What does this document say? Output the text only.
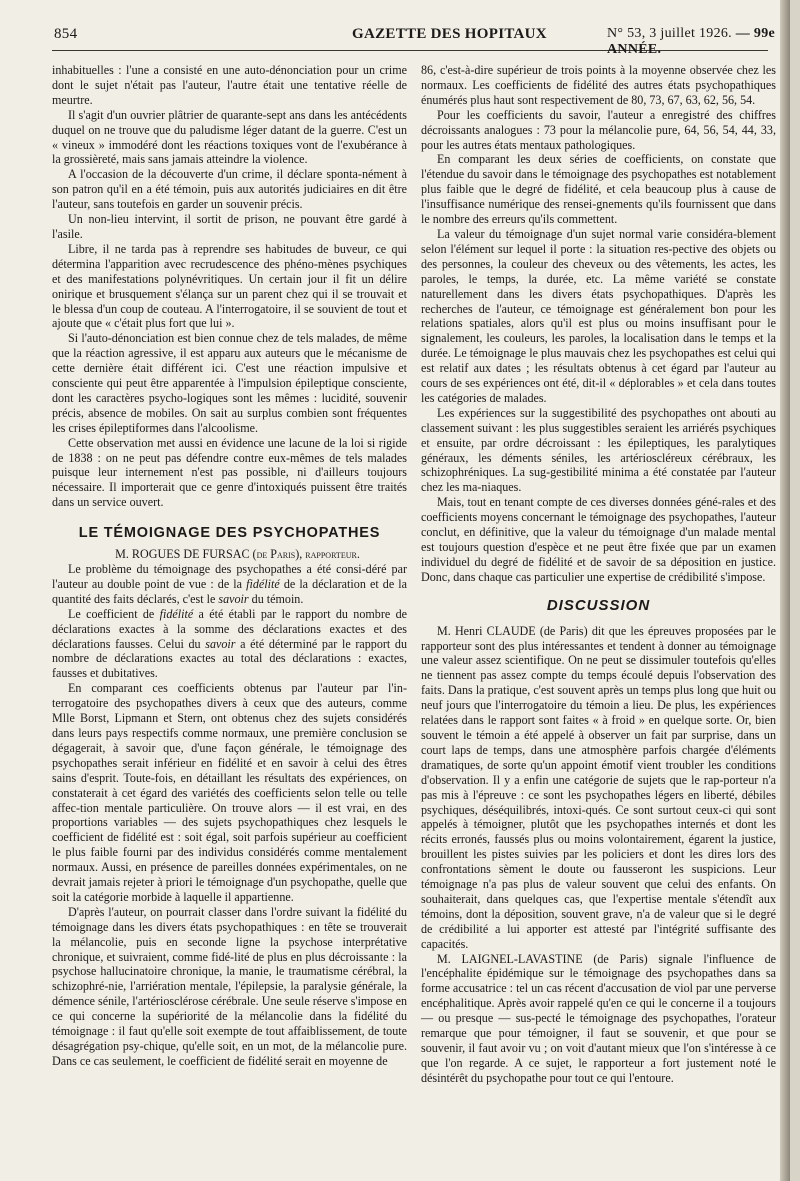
854	GAZETTE DES HOPITAUX	N° 53, 3 juillet 1926. — 99e ANNÉE.

inhabituelles : l'une a consisté en une auto-dénonciation pour un crime dont le sujet n'était pas l'auteur, l'autre était une tentative réelle de meurtre.

Il s'agit d'un ouvrier plâtrier de quarante-sept ans dans les antécédents duquel on ne trouve que du paludisme léger datant de la guerre. C'est un « vineux » immodéré dont les réactions toxiques vont de l'exubérance à la grossièreté, mais sans jamais atteindre la violence.

A l'occasion de la découverte d'un crime, il déclare sponta-nément à son patron qu'il en a été témoin, puis aux autorités judiciaires en dit être l'auteur, sans toutefois en garder un souvenir précis.

Un non-lieu intervint, il sortit de prison, ne pouvant être gardé à l'asile.

Libre, il ne tarda pas à reprendre ses habitudes de buveur, ce qui détermina l'apparition avec recrudescence des phéno-mènes psychiques et des manifestations polynévritiques. Un certain jour il fit un délire onirique et brusquement s'élança sur un parent chez qui il se trouvait et le blessa d'un coup de couteau. A l'interrogatoire, il se souvient de tout et ajoute que « c'était plus fort que lui ».

Si l'auto-dénonciation est bien connue chez de tels malades, de même que la réaction agressive, il est apparu aux auteurs que le mécanisme de cette dernière était différent ici. C'est une réaction impulsive et consciente qui peut être apparentée à l'impulsion épileptique consciente, dont les caractères psycho-logiques sont les mêmes : lucidité, souvenir précis, absence de mobiles. On sait au surplus combien sont fréquentes les crises épileptiformes dans l'alcoolisme.

Cette observation met aussi en évidence une lacune de la loi si rigide de 1838 : on ne peut pas défendre contre eux-mêmes de tels malades puisque leur internement n'est pas possible, ni d'ailleurs toujours nécessaire. Il importerait que ce genre d'intoxiqués puissent être traités dans un service ouvert.

LE TÉMOIGNAGE DES PSYCHOPATHES

M. ROGUES DE FURSAC (de Paris), rapporteur.

Le problème du témoignage des psychopathes a été consi-déré par l'auteur au double point de vue : de la fidélité de la déclaration et de la quantité des faits déclarés, c'est le savoir du témoin.

Le coefficient de fidélité a été établi par le rapport du nombre de déclarations exactes à la somme des déclarations exactes et des déclarations fausses. Celui du savoir a été déterminé par le rapport du nombre de déclarations exactes au total des déclarations : exactes, fausses et dubitatives.

En comparant ces coefficients obtenus par l'auteur par l'in-terrogatoire des psychopathes divers à ceux que des auteurs, comme Mlle Borst, Lipmann et Stern, ont obtenus chez des sujets considérés dans leurs pays respectifs comme normaux, une première conclusion se dégagerait, à savoir que, d'une façon générale, le témoignage des psychopathes serait inférieur en fidélité et en savoir à celui des êtres sains d'esprit. Toute-fois, en détaillant les résultats des expériences, on constaterait à cet égard des variétés des coefficients selon telle ou telle affec-tion mentale particulière. On trouve alors — il est vrai, en des proportions variables — des sujets psychopathiques chez lesquels le coefficient de fidélité est : soit égal, soit parfois supérieur au coefficient le plus faible fourni par des individus considérés comme mentalement normaux. Aussi, en présence de pareilles données expérimentales, on ne devrait jamais rejeter à priori le témoignage d'un psychopathe, quelle que soit la catégorie morbide à laquelle il appartienne.

D'après l'auteur, on pourrait classer dans l'ordre suivant la fidélité du témoignage dans les divers états psychopathiques : en tête se trouverait la mélancolie, puis en seconde ligne la psychose interprétative chronique, et suivraient, comme fidé-lité de plus en plus décroissante : la psychose hallucinatoire chronique, la manie, le traumatisme cérébral, la schizophré-nie, l'arriération mentale, l'épilepsie, la paralysie générale, la démence sénile, l'artériosclérose cérébrale. Une seule réserve s'impose en ce qui concerne la supériorité de la mélancolie dans la fidélité du témoignage : il faut qu'elle soit exempte de tout affaiblissement, de toute désagrégation psy-chique, qu'elle soit, en un mot, de la mélancolie pure. Dans ce cas seulement, le coefficient de fidélité serait en moyenne de

86, c'est-à-dire supérieur de trois points à la moyenne observée chez les normaux. Les coefficients de fidélité des autres états psychopathiques énumérés plus haut sont respectivement de 80, 73, 67, 63, 62, 56, 54.

Pour les coefficients du savoir, l'auteur a enregistré des chiffres décroissants analogues : 73 pour la mélancolie pure, 64, 56, 54, 44, 33, pour les autres états mentaux pathologiques.

En comparant les deux séries de coefficients, on constate que l'étendue du savoir dans le témoignage des psychopathes est notablement plus faible que le degré de fidélité, et cela beaucoup plus à cause de l'insuffisance numérique des rensei-gnements qu'ils fournissent que dans le nombre des erreurs qu'ils commettent.

La valeur du témoignage d'un sujet normal varie considéra-blement selon l'élément sur lequel il porte : la situation res-pective des objets ou des personnes, la couleur des cheveux ou des vêtements, les actes, les paroles, le temps, la durée, etc. La même variété se constate naturellement dans les divers états psychopathiques. D'après les recherches de l'auteur, ce témoignage est généralement bon pour les relations spatiales, alors qu'il est plus ou moins insuffisant pour le signalement, les couleurs, les paroles, la localisation dans le temps et la durée. Le témoignage le plus mauvais chez les psychopathes est celui qui est relatif aux dates ; les résultats obtenus à cet égard par l'auteur au cours de ses expériences ont été, dit-il « déplorables » et cela dans toutes les catégories de malades.

Les expériences sur la suggestibilité des psychopathes ont abouti au classement suivant : les plus suggestibles seraient les arriérés psychiques et ensuite, par ordre décroissant : les épileptiques, les paralytiques généraux, les déments séniles, les artérioscléreux cérébraux, les schizophréniques. La sug-gestibilité minima a été constatée par l'auteur chez les ma-niaques.

Mais, tout en tenant compte de ces diverses données géné-rales et des coefficients moyens concernant le témoignage des psychopathes, l'auteur conclut, en définitive, que la valeur du témoignage d'un malade mental est toujours question d'espèce et ne peut être fixée que par un examen individuel du degré de fidélité et de savoir de sa déposition en justice. Donc, dans chaque cas particulier une expertise de crédibilité s'impose.

DISCUSSION

M. Henri CLAUDE (de Paris) dit que les épreuves proposées par le rapporteur sont des plus intéressantes et tendent à donner au témoignage une valeur assez scientifique. On ne peut se dissimuler toutefois qu'elles ne tiennent pas assez compte du temps écoulé depuis l'observation des faits. Dans la pratique, c'est souvent après un temps plus long que huit ou neuf jours que l'interrogatoire du témoin a lieu. De plus, les expériences relatées dans le rapport sont faites « à froid » en quelque sorte. Or, bien souvent le témoin a été appelé à observer un fait par surprise, dans un court laps de temps, dans une atmosphère parfois chargée d'éléments dramatiques, de sorte qu'un appoint émotif vient troubler les conditions d'observation. Il y a enfin une catégorie de sujets que le rap-porteur n'a pas mis à l'épreuve : ce sont les psychopathes légers en liberté, débiles psychiques, déséquilibrés, intoxi-qués. Ce sont surtout ceux-ci qui sont appelés à témoigner, plutôt que les psychopathes internés et dont les récits erronés, faussés plus ou moins volontairement, égarent la justice, brouillent les pistes suivies par les policiers et dont les dires lors des confrontations sèment le doute ou fausseront les suspicions. Leur témoignage n'a pas plus de valeur souvent que celui des enfants. On souhaiterait, dans quelques cas, que l'expertise mentale s'étendît aux témoins, dont la déposition, souvent grave, n'a de valeur que si le degré de crédibilité a lui apporter est attesté par l'intégrité suffisante des capacités.

M. LAIGNEL-LAVASTINE (de Paris) signale l'influence de l'encéphalite épidémique sur le témoignage des psychopathes dans sa forme accusatrice : tel un cas récent d'accusation de viol par une perverse encéphalitique. Après avoir rappelé qu'en ce qui le concerne il a toujours — ou presque — sus-pecté le témoignage des psychopathes, l'orateur remarque que pour témoigner, il faut se souvenir, et que pour se souvenir, il faut avoir vu ; on voit d'autant mieux que l'on s'intéresse à ce que l'on regarde. A ce sujet, le rapporteur a fort justement noté le désintérêt du psychopathe pour tout ce qui l'entoure.
